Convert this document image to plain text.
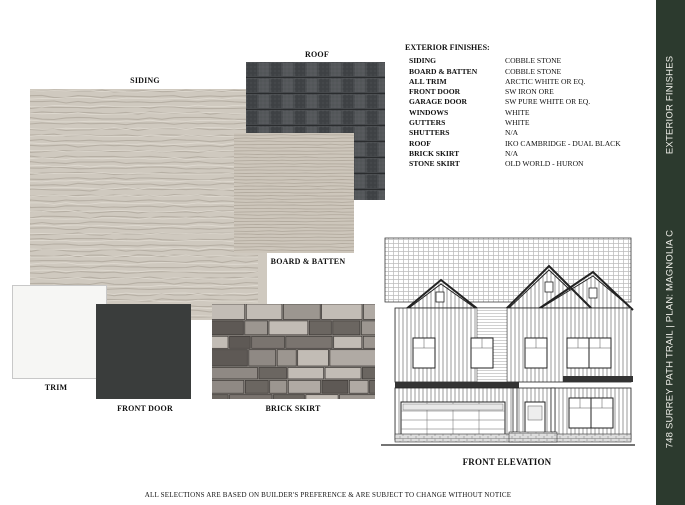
SIDING
ROOF
BOARD & BATTEN
TRIM
FRONT DOOR	BRICK SKIRT
EXTERIOR FINISHES:
SIDING	COBBLE STONE
BOARD & BATTEN	COBBLE STONE
ALL TRIM	ARCTIC WHITE OR EQ.
FRONT DOOR	SW IRON ORE
GARAGE DOOR	SW PURE WHITE OR EQ.
WINDOWS	WHITE
GUTTERS	WHITE
SHUTTERS	N/A
ROOF	IKO CAMBRIDGE - DUAL BLACK
BRICK SKIRT	N/A
STONE SKIRT	OLD WORLD - HURON
FRONT ELEVATION
748 SURREY PATH TRAIL | PLAN: MAGNOLIA C  EXTERIOR FINISHES
ALL SELECTIONS ARE BASED ON BUILDER'S PREFERENCE & ARE SUBJECT TO CHANGE WITHOUT NOTICE
